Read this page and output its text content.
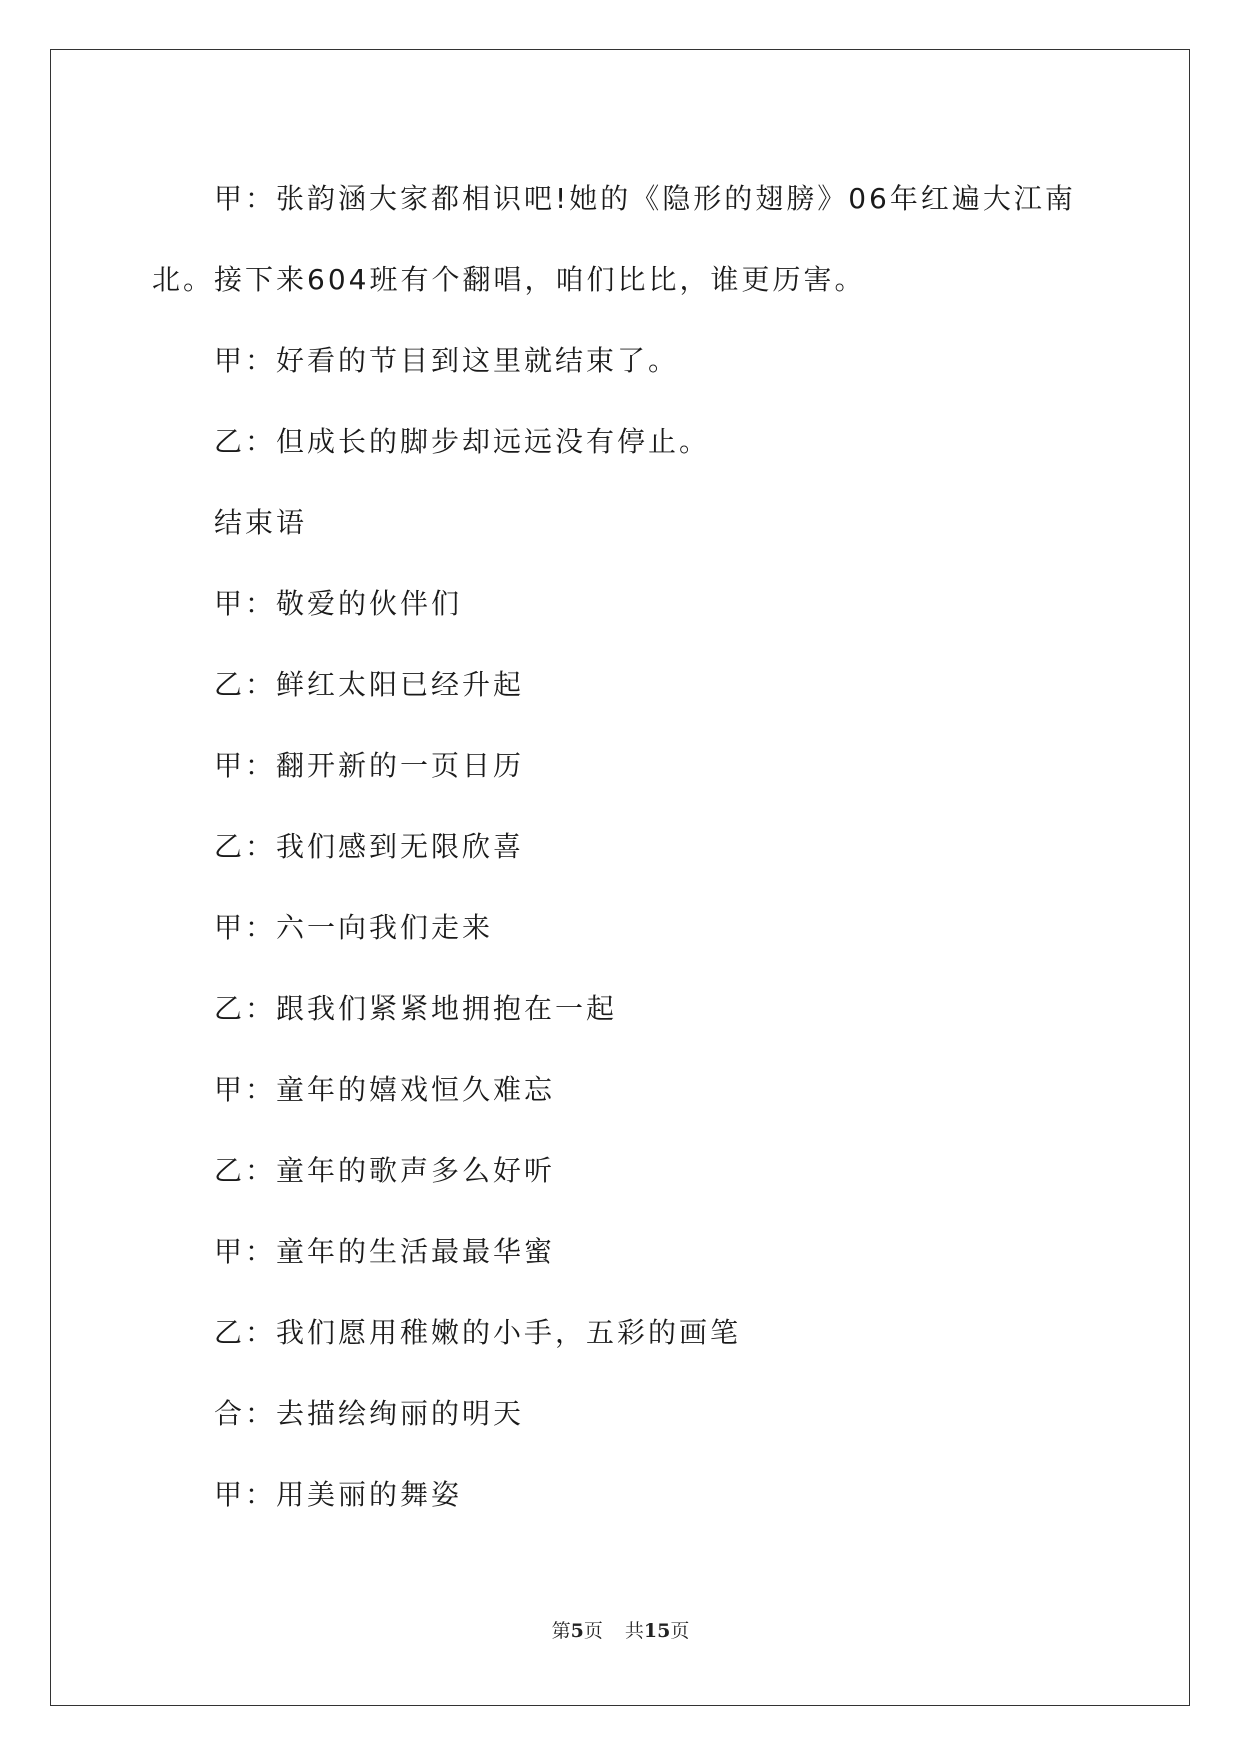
甲：张韵涵大家都相识吧!她的《隐形的翅膀》06年红遍大江南
北。接下来604班有个翻唱，咱们比比，谁更历害。

甲：好看的节目到这里就结束了。

乙：但成长的脚步却远远没有停止。

结束语

甲：敬爱的伙伴们

乙：鲜红太阳已经升起

甲：翻开新的一页日历

乙：我们感到无限欣喜

甲：六一向我们走来

乙：跟我们紧紧地拥抱在一起

甲：童年的嬉戏恒久难忘

乙：童年的歌声多么好听

甲：童年的生活最最华蜜

乙：我们愿用稚嫩的小手，五彩的画笔

合：去描绘绚丽的明天

甲：用美丽的舞姿

第5页 共15页
